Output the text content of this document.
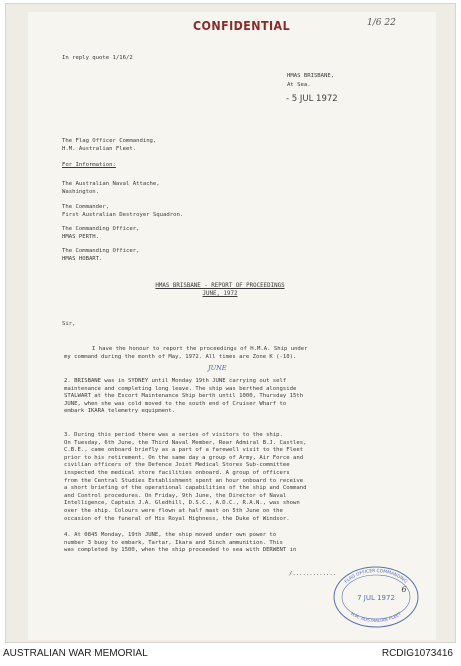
CONFIDENTIAL	1/6 22
In reply quote 1/16/2
HMAS BRISBANE,
At Sea.
- 5 JUL 1972
The Flag Officer Commanding,
H.M. Australian Fleet.
For Information:
The Australian Naval Attache,
Washington.
The Commander,
First Australian Destroyer Squadron.
The Commanding Officer,
HMAS PERTH.
The Commanding Officer,
HMAS HOBART.
HMAS BRISBANE - REPORT OF PROCEEDINGS
JUNE, 1972
Sir,
JUNE
I have the honour to report the proceedings of H.M.A. Ship under
my command during the month of May, 1972. All times are Zone K (-10).
2. BRISBANE was in SYDNEY until Monday 19th JUNE carrying out self
maintenance and completing long leave. The ship was berthed alongside
STALWART at the Escort Maintenance Ship berth until 1000, Thursday 15th
JUNE, when she was cold moved to the south end of Cruiser Wharf to
embark IKARA telemetry equipment.
3. During this period there was a series of visitors to the ship.
On Tuesday, 6th June, the Third Naval Member, Rear Admiral B.J. Castles,
C.B.E., came onboard briefly as a part of a farewell visit to the Fleet
prior to his retirement. On the same day a group of Army, Air Force and
civilian officers of the Defence Joint Medical Stores Sub-committee
inspected the medical store facilities onboard. A group of officers
from the Central Studies Establishment spent an hour onboard to receive
a short briefing of the operational capabilities of the ship and Command
and Control procedures. On Friday, 9th June, the Director of Naval
Intelligence, Captain J.A. Gledhill, D.S.C., A.D.C., R.A.N., was shown
over the ship. Colours were flown at half mast on 5th June on the
occasion of the funeral of His Royal Highness, the Duke of Windsor.
4. At 0845 Monday, 19th JUNE, the ship moved under own power to
number 3 buoy to embark, Tartar, Ikara and 5inch ammunition. This
was completed by 1500, when the ship proceeded to sea with DERWENT in
/.............
FLAG OFFICER COMMANDING
H.M. AUSTRALIAN FLEET
7 JUL 1972
6
AUSTRALIAN WAR MEMORIAL	RCDIG1073416
